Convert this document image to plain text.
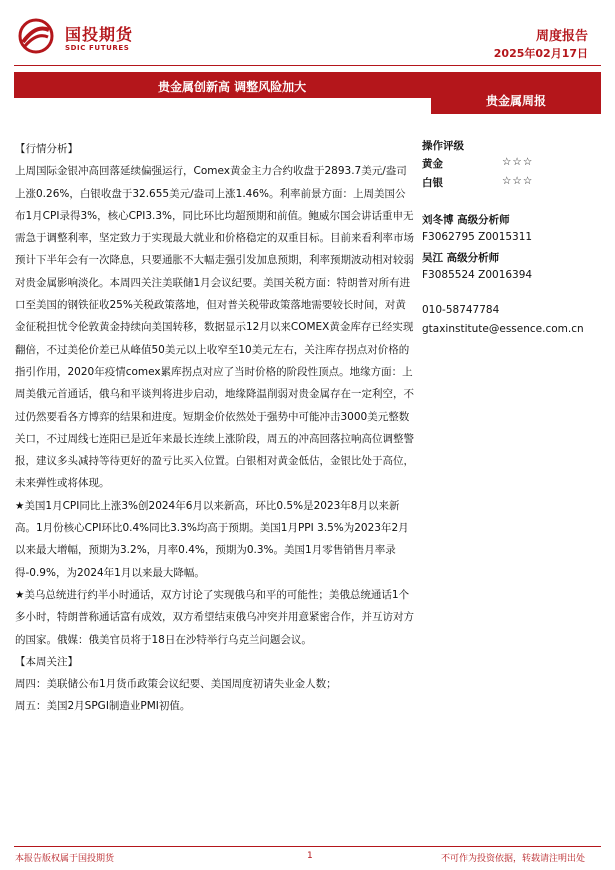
国投期货
SDIC FUTURES
周度报告
2025年02月17日
贵金属创新高 调整风险加大
贵金属周报

【行情分析】

上周国际金银冲高回落延续偏强运行，Comex黄金主力合约收盘于2893.7美元/盎司上涨0.26%，白银收盘于32.655美元/盎司上涨1.46%。利率前景方面：上周美国公布1月CPI录得3%，核心CPI3.3%，同比环比均超预期和前值。鲍威尔国会讲话重申无需急于调整利率，坚定致力于实现最大就业和价格稳定的双重目标。目前来看利率市场预计下半年会有一次降息，只要通胀不大幅走强引发加息预期，利率预期波动相对较弱对贵金属影响淡化。本周四关注美联储1月会议纪要。美国关税方面：特朗普对所有进口至美国的钢铁征收25%关税政策落地，但对普关税带政策落地需要较长时间，对黄金征税担忧令伦敦黄金持续向美国转移，数据显示12月以来COMEX黄金库存已经实现翻倍，不过美伦价差已从峰值50美元以上收窄至10美元左右，关注库存拐点对价格的指引作用，2020年疫情comex累库拐点对应了当时价格的阶段性顶点。地缘方面：上周美俄元首通话，俄乌和平谈判将进步启动，地缘降温削弱对贵金属存在一定利空，不过仍然要看各方博弈的结果和进度。短期金价依然处于强势中可能冲击3000美元整数关口，不过周线七连阳已是近年来最长连续上涨阶段，周五的冲高回落拉响高位调整警报，建议多头减持等待更好的盈亏比买入位置。白银相对黄金低估，金银比处于高位，未来弹性或将体现。

★美国1月CPI同比上涨3%创2024年6月以来新高，环比0.5%是2023年8月以来新高。1月份核心CPI环比0.4%同比3.3%均高于预期。美国1月PPI 3.5%为2023年2月以来最大增幅，预期为3.2%，月率0.4%，预期为0.3%。美国1月零售销售月率录得-0.9%，为2024年1月以来最大降幅。

★美乌总统进行约半小时通话，双方讨论了实现俄乌和平的可能性；美俄总统通话1个多小时，特朗普称通话富有成效，双方希望结束俄乌冲突并用意紧密合作，并互访对方的国家。俄媒：俄美官员将于18日在沙特举行乌克兰问题会议。

【本周关注】

周四：美联储公布1月货币政策会议纪要、美国周度初请失业金人数；

周五：美国2月SPGI制造业PMI初值。

操作评级
黄金	☆☆☆
白银	☆☆☆
刘冬博 高级分析师
F3062795 Z0015311
吴江 高级分析师
F3085524 Z0016394
010-58747784
gtaxinstitute@essence.com.cn
本报告版权属于国投期货	1	不可作为投资依据，转载请注明出处
